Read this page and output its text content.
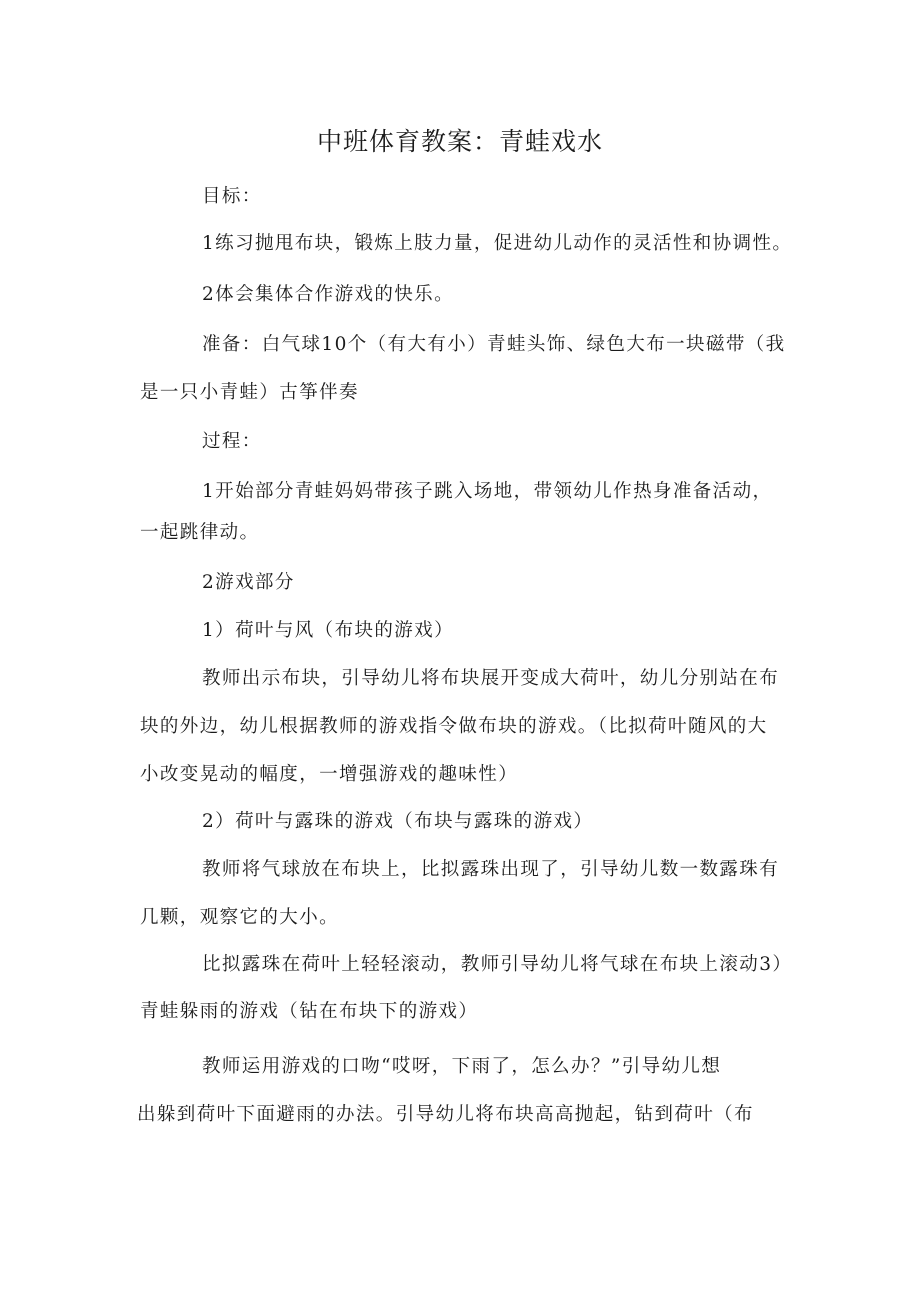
中班体育教案：青蛙戏水
目标：
1练习抛甩布块，锻炼上肢力量，促进幼儿动作的灵活性和协调性。
2体会集体合作游戏的快乐。
准备：白气球10个（有大有小）青蛙头饰、绿色大布一块磁带（我
是一只小青蛙）古筝伴奏
过程：
1开始部分青蛙妈妈带孩子跳入场地，带领幼儿作热身准备活动，
一起跳律动。
2游戏部分
1）荷叶与风（布块的游戏）
教师出示布块，引导幼儿将布块展开变成大荷叶，幼儿分别站在布
块的外边，幼儿根据教师的游戏指令做布块的游戏。（比拟荷叶随风的大
小改变晃动的幅度，一增强游戏的趣味性）
2）荷叶与露珠的游戏（布块与露珠的游戏）
教师将气球放在布块上，比拟露珠出现了，引导幼儿数一数露珠有
几颗，观察它的大小。
比拟露珠在荷叶上轻轻滚动，教师引导幼儿将气球在布块上滚动3）
青蛙躲雨的游戏（钻在布块下的游戏）
教师运用游戏的口吻“哎呀，下雨了，怎么办？”引导幼儿想
出躲到荷叶下面避雨的办法。引导幼儿将布块高高抛起，钻到荷叶（布
